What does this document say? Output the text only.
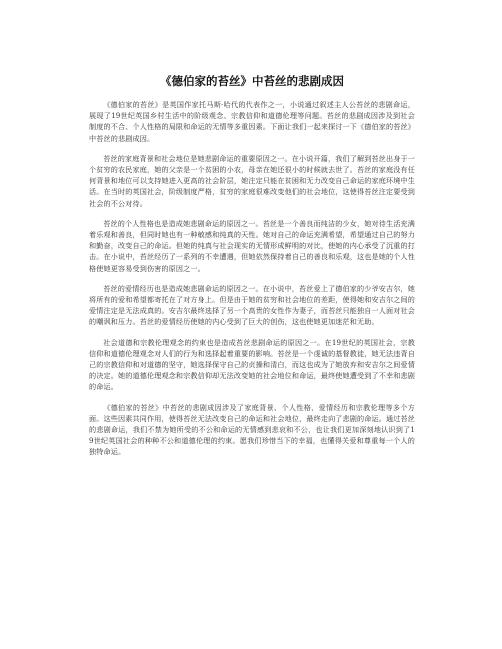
《德伯家的苔丝》中苔丝的悲剧成因

《德伯家的苔丝》是英国作家托马斯·哈代的代表作之一，小说通过叙述主人公苔丝的悲剧命运，展现了19世纪英国乡村生活中的阶级观念、宗教信仰和道德伦理等问题。苔丝的悲剧成因涉及到社会制度的不合、个人性格的局限和命运的无情等多重因素。下面让我们一起来探讨一下《德伯家的苔丝》中苔丝的悲剧成因。

苔丝的家庭背景和社会地位是她悲剧命运的重要原因之一。在小说开篇，我们了解到苔丝出身于一个贫穷的农民家庭，她的父亲是一个贫困的小农，母亲在她还很小的时候就去世了。苔丝的家庭没有任何背景和地位可以支持她进入更高的社会阶层，她注定只能在贫困和无力改变自己命运的家庭环境中生活。在当时的英国社会，阶级制度严格，贫穷的家庭很难改变他们的社会地位，这使得苔丝注定要受到社会的不公对待。

苔丝的个人性格也是造成她悲剧命运的原因之一。苔丝是一个善良而纯洁的少女，她对待生活充满着乐观和善良，但同时她也有一种敏感和纯真的天性。她对自己的命运充满希望，希望通过自己的努力和勤奋，改变自己的命运。但她的纯真与社会现实的无情形成鲜明的对比，使她的内心承受了沉重的打击。在小说中，苔丝经历了一系列的不幸遭遇，但她依然保持着自己的善良和乐观，这也是她的个人性格使她更容易受到伤害的原因之一。

苔丝的爱情经历也是造成她悲剧命运的原因之一。在小说中，苔丝爱上了德伯家的少爷安吉尔，她将所有的爱和希望都寄托在了对方身上。但是由于她的贫穷和社会地位的差距，使得她和安吉尔之间的爱情注定是无法成真的。安吉尔最终选择了另一个高贵的女性作为妻子，而苔丝只能独自一人面对社会的嘲讽和压力。苔丝的爱情经历使她的内心受到了巨大的创伤，这也使她更加迷茫和无助。

社会道德和宗教伦理观念的约束也是造成苔丝悲剧命运的原因之一。在19世纪的英国社会，宗教信仰和道德伦理观念对人们的行为和选择起着重要的影响。苔丝是一个虔诚的基督教徒，她无法违背自己的宗教信仰和对道德的坚守，她选择保守自己的贞操和清白，而这也成为了她放弃和安吉尔之间爱情的决定。她的道德伦理观念和宗教信仰却无法改变她的社会地位和命运，最终使她遭受到了不幸和悲剧的命运。

《德伯家的苔丝》中苔丝的悲剧成因涉及了家庭背景、个人性格、爱情经历和宗教伦理等多个方面。这些因素共同作用，使得苔丝无法改变自己的命运和社会地位，最终走向了悲剧的命运。通过苔丝的悲剧命运，我们不禁为她所受的不公和命运的无情感到悲哀和不公，也让我们更加深刻地认识到了19世纪英国社会的种种不公和道德伦理的约束。愿我们珍惜当下的幸福，也懂得关爱和尊重每一个人的独特命运。
